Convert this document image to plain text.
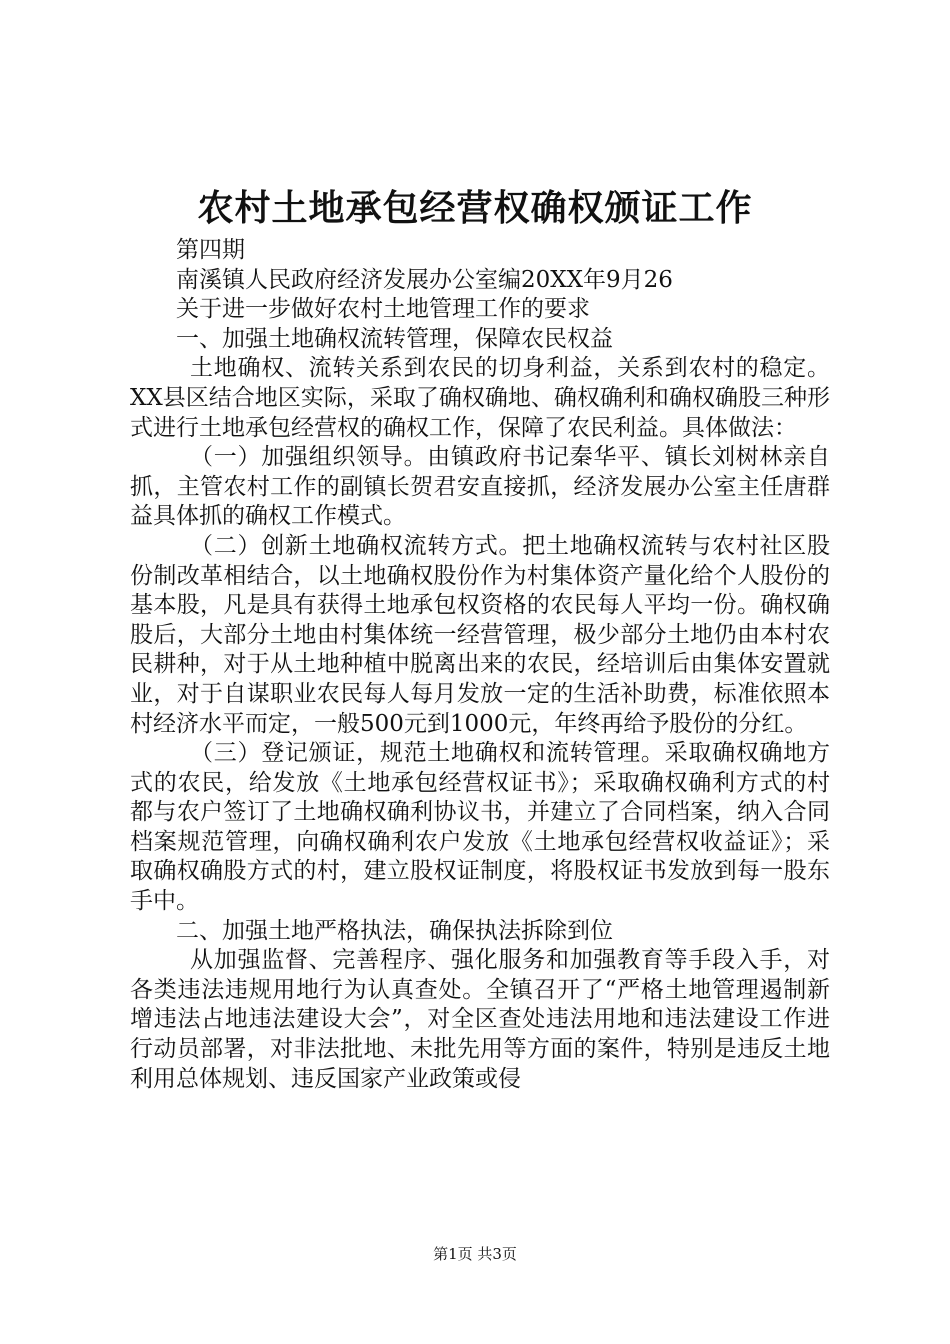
农村土地承包经营权确权颁证工作

第四期

南溪镇人民政府经济发展办公室编20XX年9月26

关于进一步做好农村土地管理工作的要求

一、加强土地确权流转管理，保障农民权益

土地确权、流转关系到农民的切身利益，关系到农村的稳定。XX县区结合地区实际，采取了确权确地、确权确利和确权确股三种形式进行土地承包经营权的确权工作，保障了农民利益。具体做法：

（一）加强组织领导。由镇政府书记秦华平、镇长刘树林亲自抓，主管农村工作的副镇长贺君安直接抓，经济发展办公室主任唐群益具体抓的确权工作模式。

（二）创新土地确权流转方式。把土地确权流转与农村社区股份制改革相结合，以土地确权股份作为村集体资产量化给个人股份的基本股，凡是具有获得土地承包权资格的农民每人平均一份。确权确股后，大部分土地由村集体统一经营管理，极少部分土地仍由本村农民耕种，对于从土地种植中脱离出来的农民，经培训后由集体安置就业，对于自谋职业农民每人每月发放一定的生活补助费，标准依照本村经济水平而定，一般500元到1000元，年终再给予股份的分红。

（三）登记颁证，规范土地确权和流转管理。采取确权确地方式的农民，给发放《土地承包经营权证书》；采取确权确利方式的村都与农户签订了土地确权确利协议书，并建立了合同档案，纳入合同档案规范管理，向确权确利农户发放《土地承包经营权收益证》；采取确权确股方式的村，建立股权证制度，将股权证书发放到每一股东手中。

二、加强土地严格执法，确保执法拆除到位

从加强监督、完善程序、强化服务和加强教育等手段入手，对各类违法违规用地行为认真查处。全镇召开了“严格土地管理遏制新增违法占地违法建设大会”，对全区查处违法用地和违法建设工作进行动员部署，对非法批地、未批先用等方面的案件，特别是违反土地利用总体规划、违反国家产业政策或侵

第1页 共3页
